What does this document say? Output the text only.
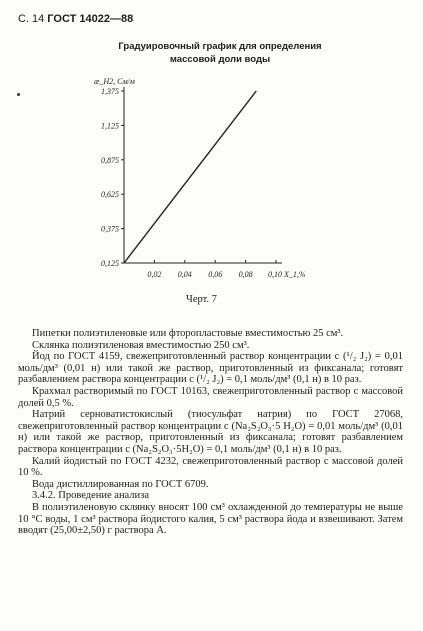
С. 14 ГОСТ 14022—88
Градуировочный график для определения
массовой доли воды
1,375
1,125
0,875
0,625
0,375
0,125
0,02 0,04 0,06 0,08 0,10 X_1,%
æ_H2, См/м
Черт. 7

Пипетки полиэтиленовые или фторопластовые вместимостью 25 см³.

Склянка полиэтиленовая вместимостью 250 см³.

Йод по ГОСТ 4159, свежеприготовленный раствор концентрации с (¹/₂ J₂) = 0,01 моль/дм³ (0,01 н) или такой же раствор, приготовленный из фиксанала; готовят разбавлением раствора концентрации с (¹/₂ J₂) = 0,1 моль/дм³ (0,1 н) в 10 раз.

Крахмал растворимый по ГОСТ 10163, свежеприготовленный раствор с массовой долей 0,5 %.

Натрий серноватистокислый (тиосульфат натрия) по ГОСТ 27068, свежеприготовленный раствор концентрации с (Na₂S₂O₃·5 H₂O) = 0,01 моль/дм³ (0,01 н) или такой же раствор, приготовленный из фиксанала; готовят разбавлением раствора концентрации с (Na₂S₂O₃·5H₂O) = 0,1 моль/дм³ (0,1 н) в 10 раз.

Калий йодистый по ГОСТ 4232, свежеприготовленный раствор с массовой долей 10 %.

Вода дистиллированная по ГОСТ 6709.

3.4.2. Проведение анализа

В полиэтиленовую склянку вносят 100 см³ охлажденной до температуры не выше 10 °С воды, 1 см³ раствора йодистого калия, 5 см³ раствора йода и взвешивают. Затем вводят (25,00±2,50) г раствора А.
